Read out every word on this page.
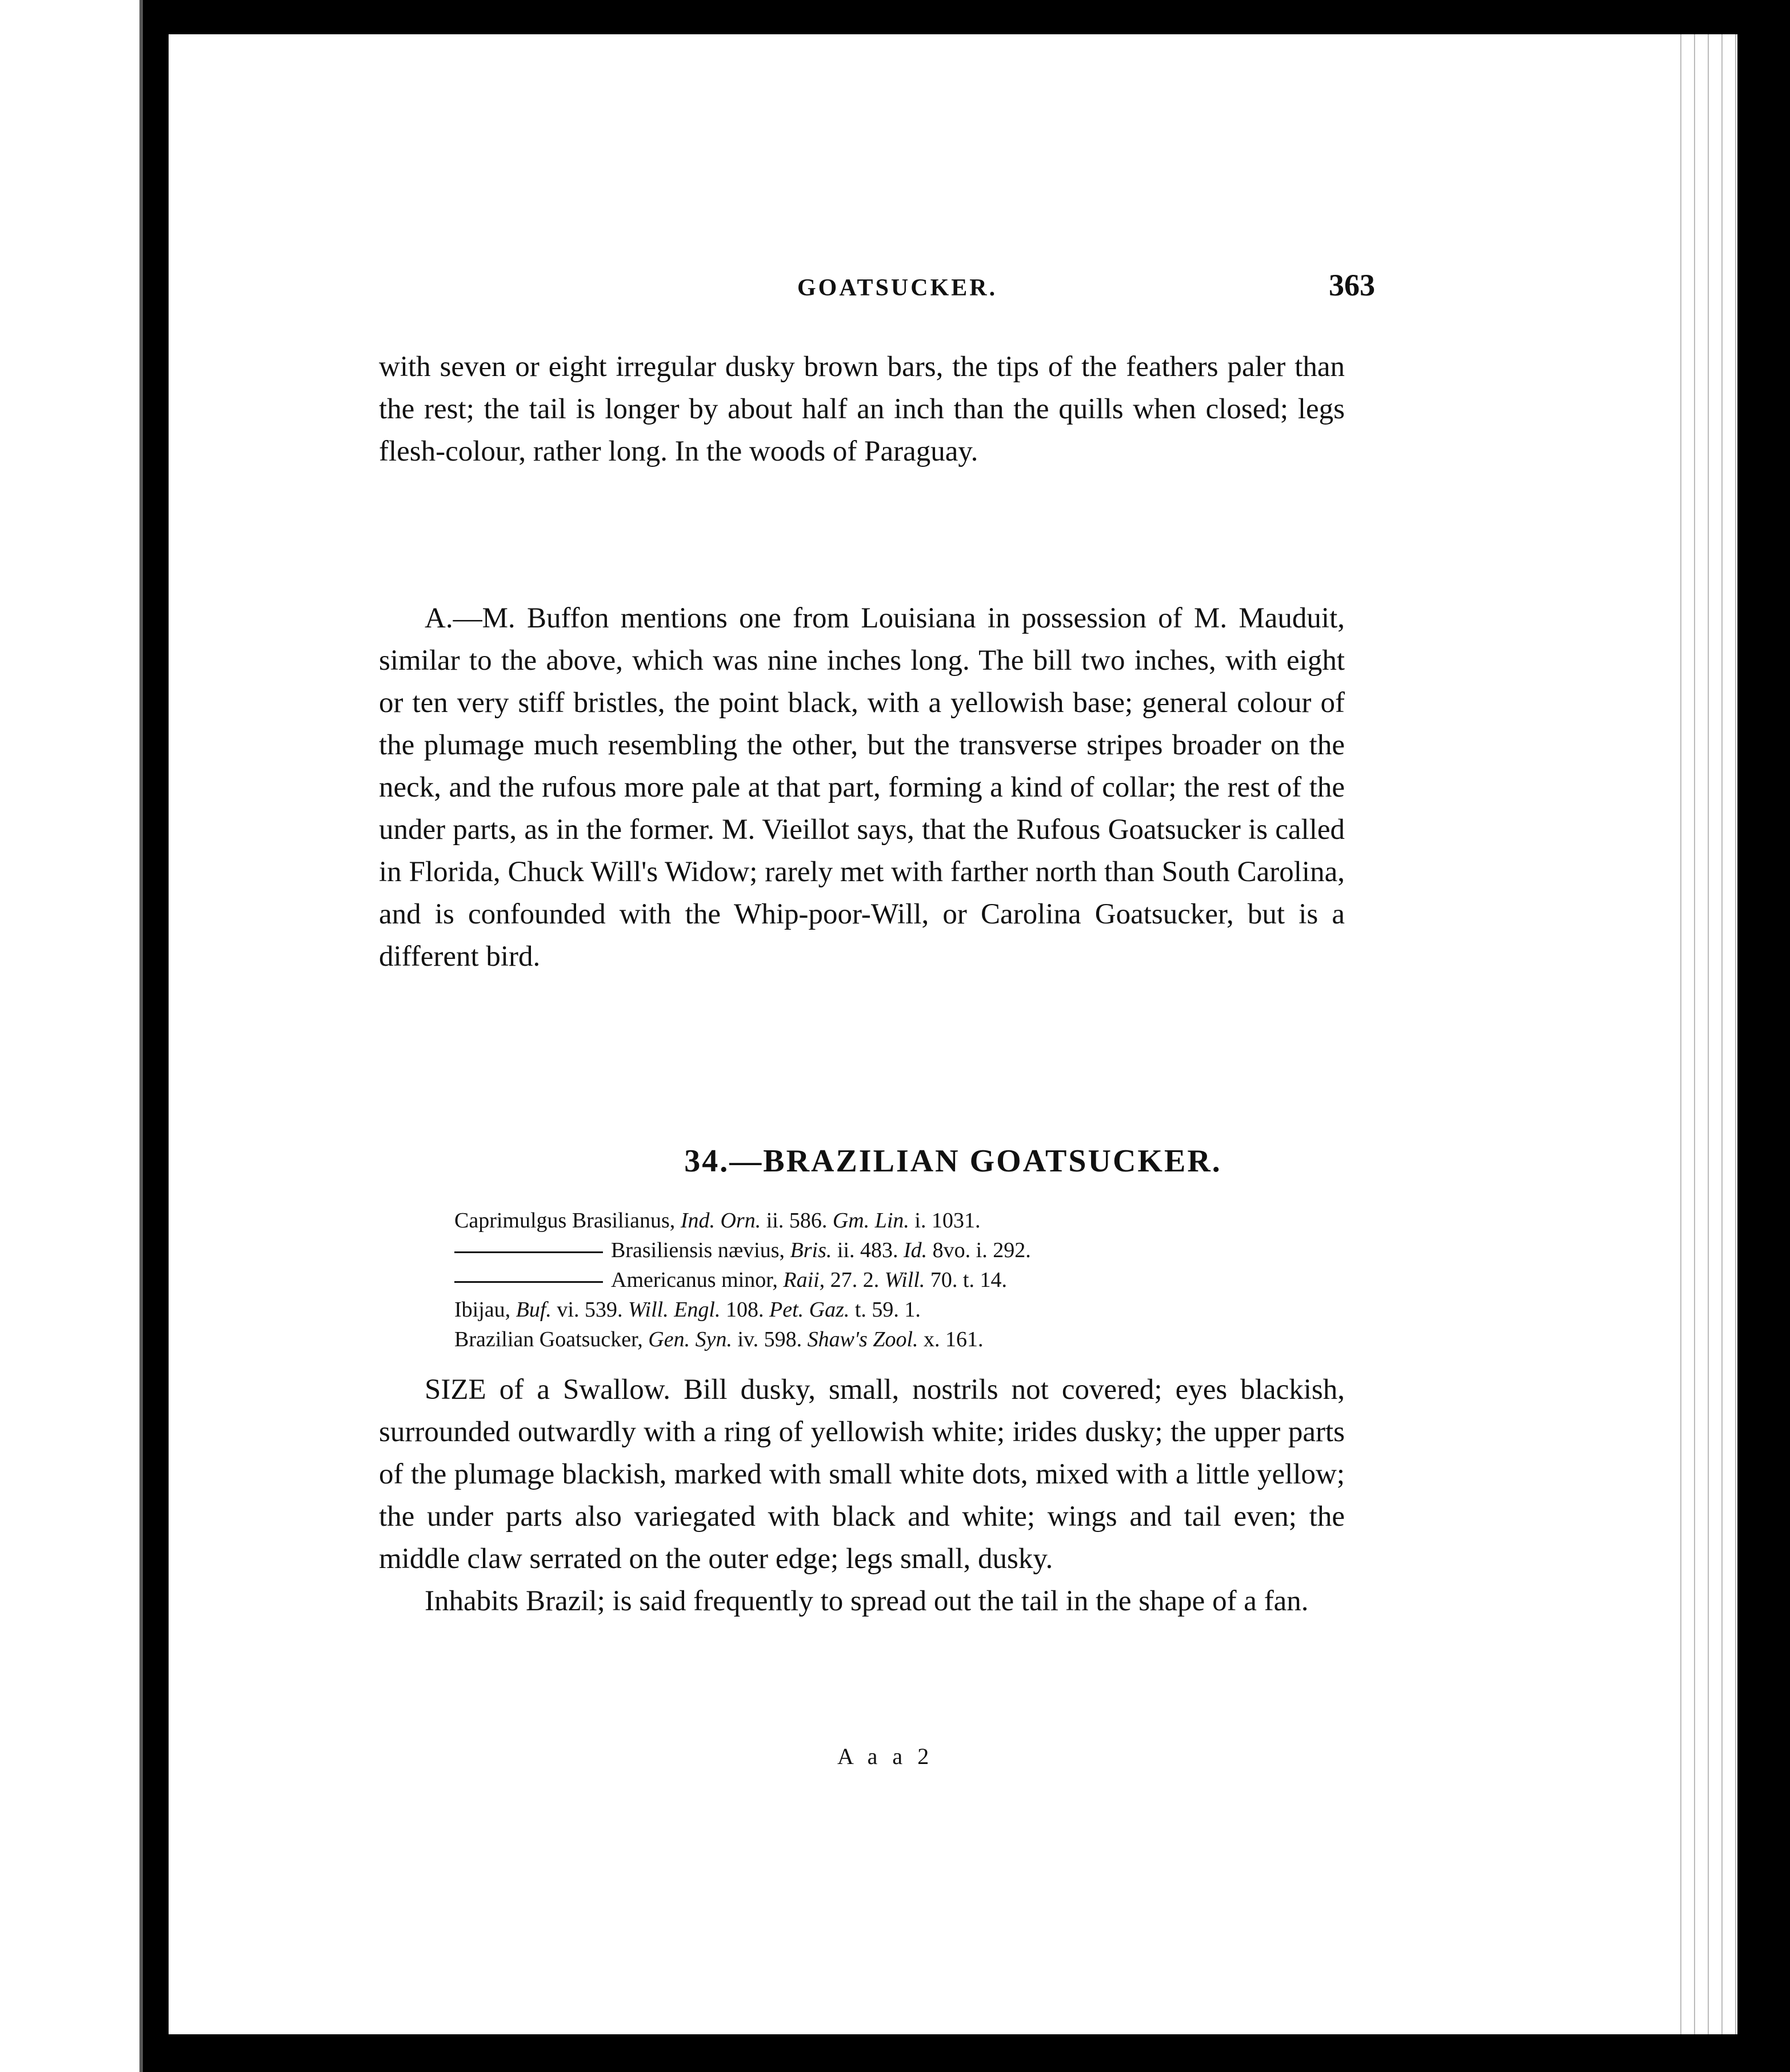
GOATSUCKER.	363

with seven or eight irregular dusky brown bars, the tips of the feathers paler than the rest; the tail is longer by about half an inch than the quills when closed; legs flesh-colour, rather long. In the woods of Paraguay.

A.—M. Buffon mentions one from Louisiana in possession of M. Mauduit, similar to the above, which was nine inches long. The bill two inches, with eight or ten very stiff bristles, the point black, with a yellowish base; general colour of the plumage much resembling the other, but the transverse stripes broader on the neck, and the rufous more pale at that part, forming a kind of collar; the rest of the under parts, as in the former. M. Vieillot says, that the Rufous Goatsucker is called in Florida, Chuck Will's Widow; rarely met with farther north than South Carolina, and is confounded with the Whip-poor-Will, or Carolina Goatsucker, but is a different bird.

34.—BRAZILIAN GOATSUCKER.
Caprimulgus Brasilianus, Ind. Orn. ii. 586. Gm. Lin. i. 1031.
Brasiliensis nævius, Bris. ii. 483. Id. 8vo. i. 292.
Americanus minor, Raii, 27. 2. Will. 70. t. 14.
Ibijau, Buf. vi. 539. Will. Engl. 108. Pet. Gaz. t. 59. 1.
Brazilian Goatsucker, Gen. Syn. iv. 598. Shaw's Zool. x. 161.

SIZE of a Swallow. Bill dusky, small, nostrils not covered; eyes blackish, surrounded outwardly with a ring of yellowish white; irides dusky; the upper parts of the plumage blackish, marked with small white dots, mixed with a little yellow; the under parts also variegated with black and white; wings and tail even; the middle claw serrated on the outer edge; legs small, dusky.

Inhabits Brazil; is said frequently to spread out the tail in the shape of a fan.

A a a 2
